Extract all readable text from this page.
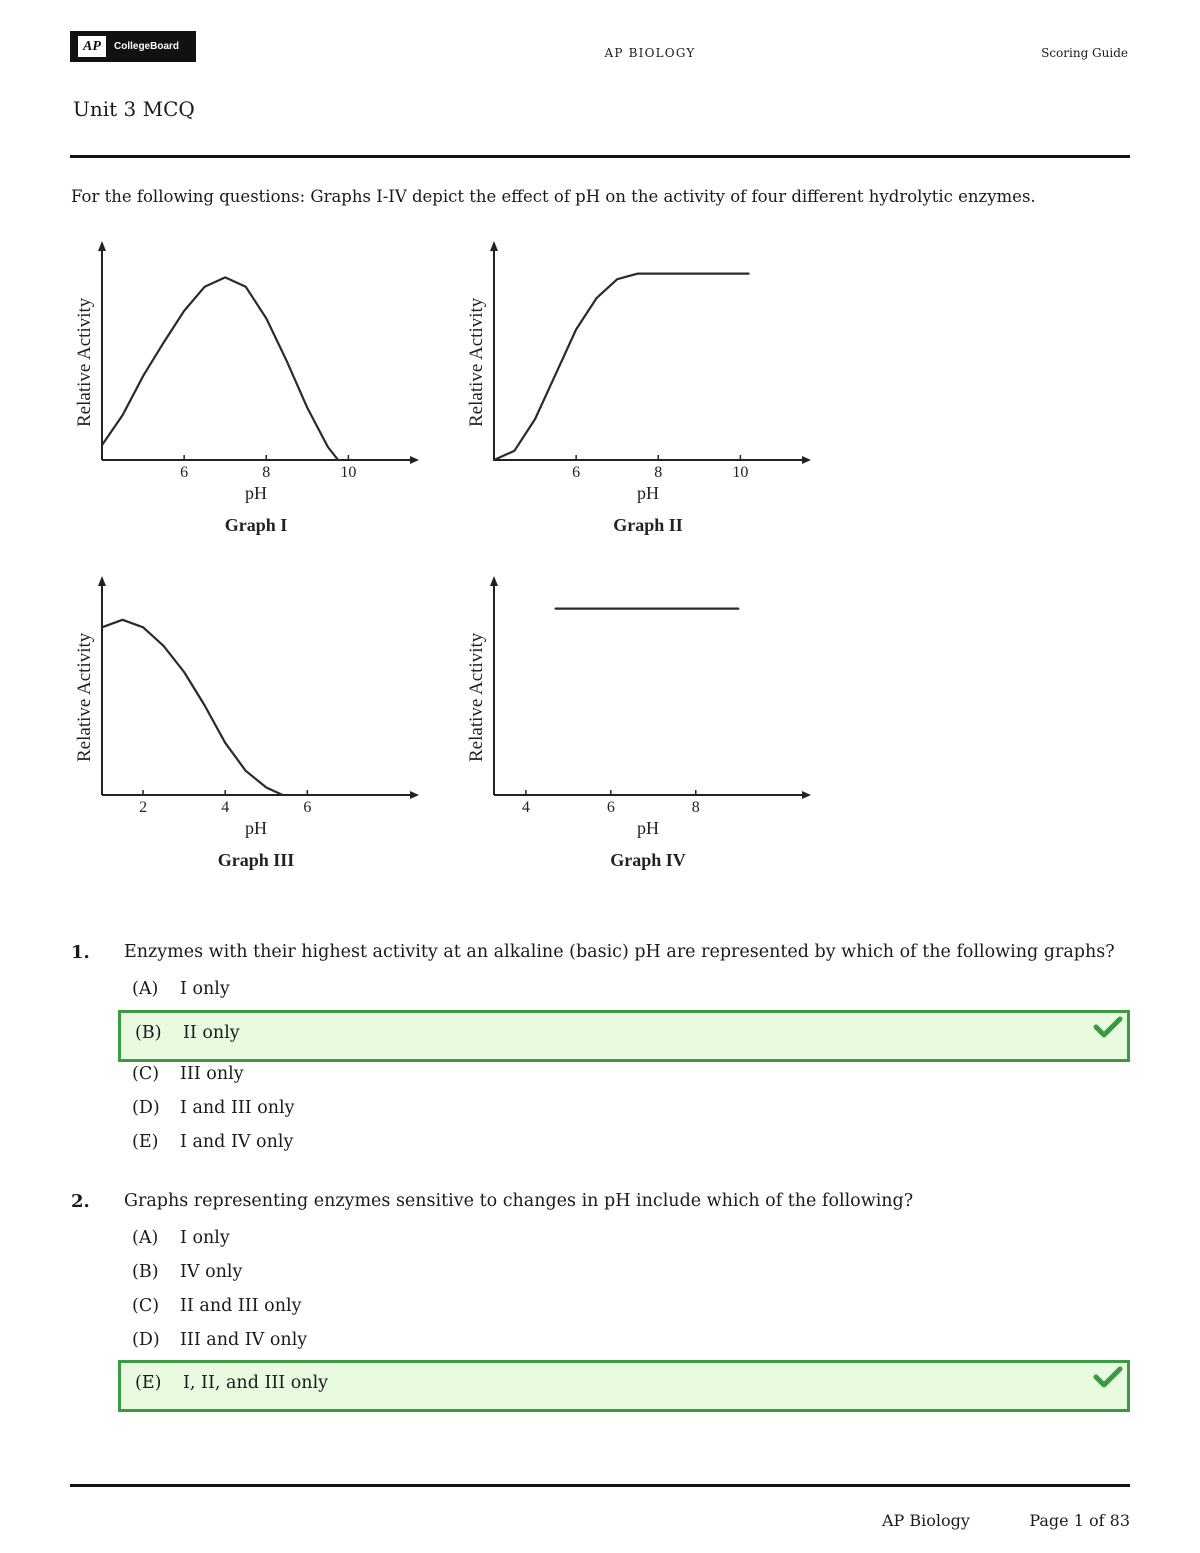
AP	CollegeBoard	AP BIOLOGY	Scoring Guide
Unit 3 MCQ
For the following questions: Graphs I-IV depict the effect of pH on the activity of four different hydrolytic enzymes.
6	8	10
Relative Activity
pH
Graph I
6	8	10
Relative Activity
pH
Graph II
2	4	6
Relative Activity
pH
Graph III
4	6	8
Relative Activity
pH
Graph IV
1. Enzymes with their highest activity at an alkaline (basic) pH are represented by which of the following graphs?
(A) I only
(B) II only
(C) III only
(D) I and III only
(E) I and IV only
2. Graphs representing enzymes sensitive to changes in pH include which of the following?
(A) I only
(B) IV only
(C) II and III only
(D) III and IV only
(E) I, II, and III only
AP Biology	Page 1 of 83
